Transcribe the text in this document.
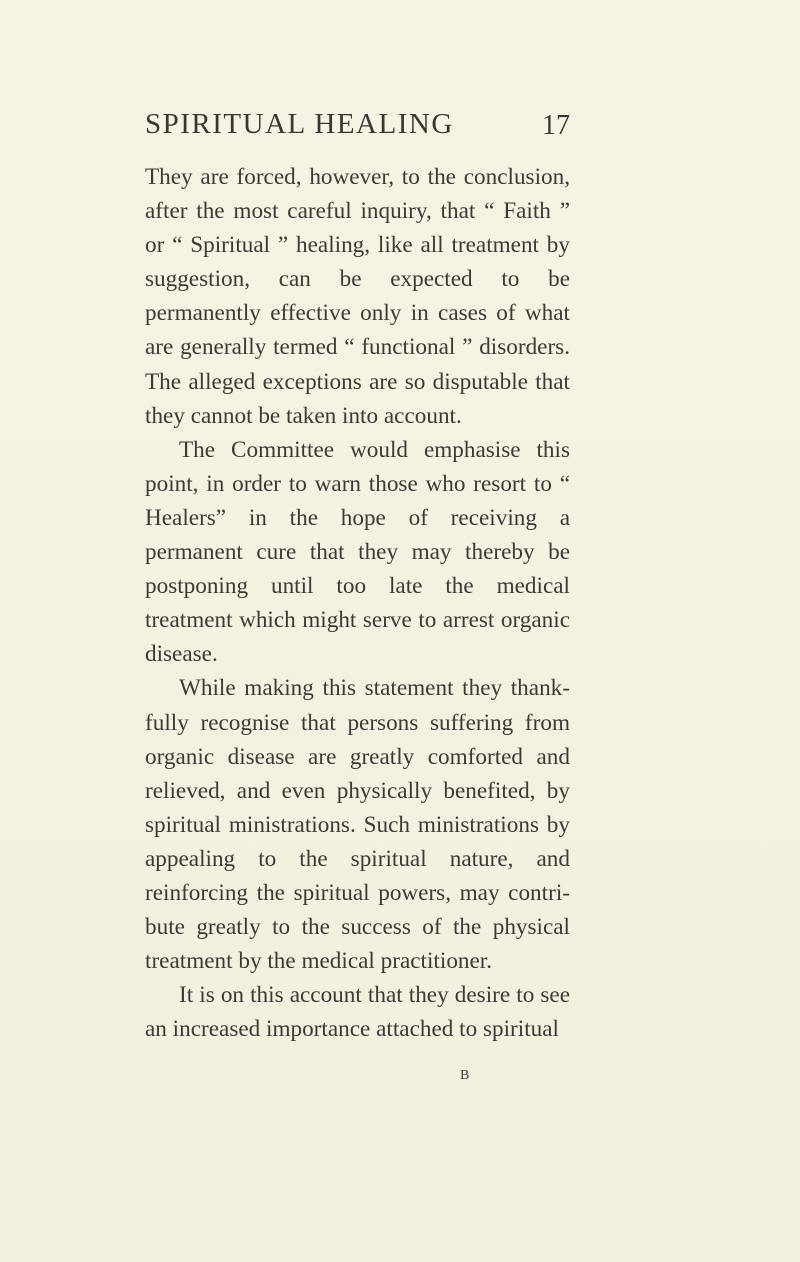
SPIRITUAL HEALING	17

They are forced, however, to the conclusion, after the most careful inquiry, that “ Faith ” or “ Spiritual ” healing, like all treatment by suggestion, can be expected to be permanently effective only in cases of what are generally termed “ functional ” disorders. The alleged exceptions are so disputable that they cannot be taken into account.

The Committee would emphasise this point, in order to warn those who resort to “ Healers” in the hope of receiving a permanent cure that they may thereby be postponing until too late the medical treatment which might serve to arrest organic disease.

While making this statement they thankfully recognise that persons suffering from organic disease are greatly comforted and relieved, and even physically benefited, by spiritual ministrations. Such ministrations by appealing to the spiritual nature, and reinforcing the spiritual powers, may contribute greatly to the success of the physical treatment by the medical practitioner.

It is on this account that they desire to see an increased importance attached to spiritual

B
